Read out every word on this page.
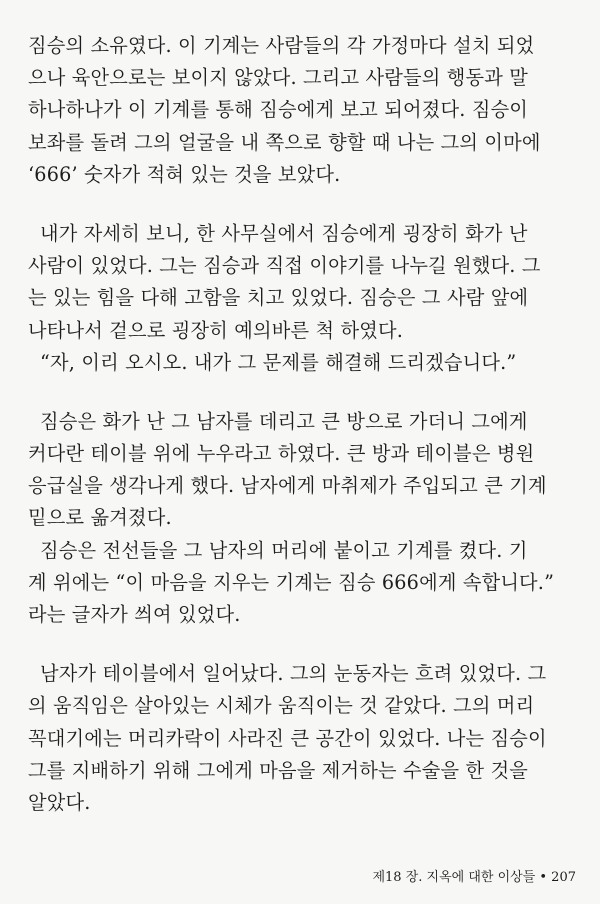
짐승의 소유였다. 이 기계는 사람들의 각 가정마다 설치 되었
으나 육안으로는 보이지 않았다. 그리고 사람들의 행동과 말
하나하나가 이 기계를 통해 짐승에게 보고 되어졌다. 짐승이
보좌를 돌려 그의 얼굴을 내 쪽으로 향할 때 나는 그의 이마에
‘666’ 숫자가 적혀 있는 것을 보았다.
내가 자세히 보니, 한 사무실에서 짐승에게 굉장히 화가 난
사람이 있었다. 그는 짐승과 직접 이야기를 나누길 원했다. 그
는 있는 힘을 다해 고함을 치고 있었다. 짐승은 그 사람 앞에
나타나서 겉으로 굉장히 예의바른 척 하였다.
“자, 이리 오시오. 내가 그 문제를 해결해 드리겠습니다.”
짐승은 화가 난 그 남자를 데리고 큰 방으로 가더니 그에게
커다란 테이블 위에 누우라고 하였다. 큰 방과 테이블은 병원
응급실을 생각나게 했다. 남자에게 마취제가 주입되고 큰 기계
밑으로 옮겨졌다.
짐승은 전선들을 그 남자의 머리에 붙이고 기계를 켰다. 기
계 위에는 “이 마음을 지우는 기계는 짐승 666에게 속합니다.”
라는 글자가 씌여 있었다.
남자가 테이블에서 일어났다. 그의 눈동자는 흐려 있었다. 그
의 움직임은 살아있는 시체가 움직이는 것 같았다. 그의 머리
꼭대기에는 머리카락이 사라진 큰 공간이 있었다. 나는 짐승이
그를 지배하기 위해 그에게 마음을 제거하는 수술을 한 것을
알았다.
제18 장. 지옥에 대한 이상들 • 207
